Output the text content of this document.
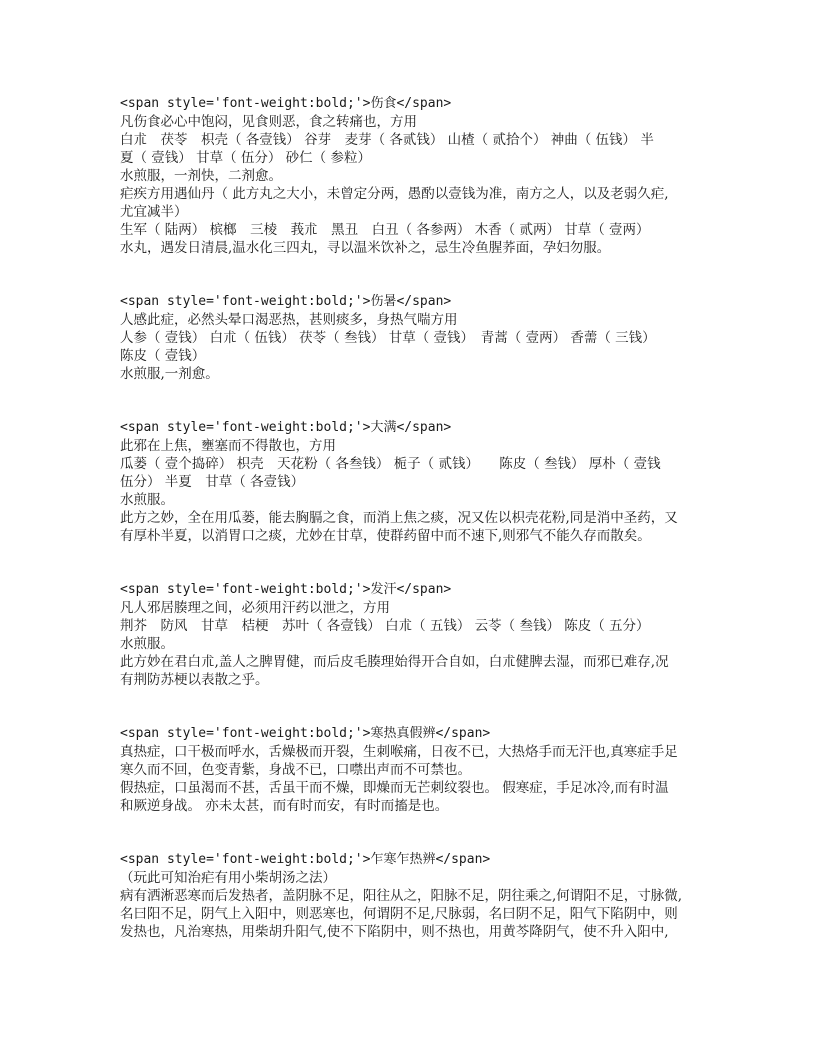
<span style='font-weight:bold;'>伤食</span>
凡伤食必心中饱闷，见食则恶，食之转痛也，方用
白朮　茯苓　枳壳（ 各壹钱） 谷芽　麦芽（ 各贰钱） 山楂（ 贰拾个） 神曲（ 伍钱） 半
夏（ 壹钱） 甘草（ 伍分） 砂仁（ 参粒）
水煎服，一剂快，二剂愈。
疟疾方用遇仙丹（ 此方丸之大小，未曾定分两，愚酌以壹钱为准，南方之人，以及老弱久疟,
尤宜减半）
生军（ 陆两） 槟榔　三棱　莪朮　黑丑　白丑（ 各参两） 木香（ 贰两） 甘草（ 壹两）
水丸，遇发日清晨,温水化三四丸，寻以温米饮补之，忌生冷鱼腥荞面，孕妇勿服。
<span style='font-weight:bold;'>伤暑</span>
人感此症，必然头晕口渴恶热，甚则痰多，身热气喘方用
人参（ 壹钱） 白朮（ 伍钱） 茯苓（ 叁钱） 甘草（ 壹钱）　青蒿（ 壹两） 香薷（ 三钱）
陈皮（ 壹钱）
水煎服,一剂愈。
<span style='font-weight:bold;'>大满</span>
此邪在上焦，壅塞而不得散也，方用
瓜蒌（ 壹个捣碎） 枳壳　天花粉（ 各叁钱） 栀子（ 贰钱）　　陈皮（ 叁钱） 厚朴（ 壹钱
伍分） 半夏　甘草（ 各壹钱）
水煎服。
此方之妙，全在用瓜蒌，能去胸膈之食，而消上焦之痰，况又佐以枳壳花粉,同是消中圣药，又
有厚朴半夏，以消胃口之痰，尤妙在甘草，使群药留中而不速下,则邪气不能久存而散矣。
<span style='font-weight:bold;'>发汗</span>
凡人邪居腠理之间，必须用汗药以泄之，方用
荆芥　防风　甘草　桔梗　苏叶（ 各壹钱） 白朮（ 五钱） 云苓（ 叁钱） 陈皮（ 五分）
水煎服。
此方妙在君白朮,盖人之脾胃健，而后皮毛腠理始得开合自如，白朮健脾去湿，而邪已难存,况
有荆防苏梗以表散之乎。
<span style='font-weight:bold;'>寒热真假辨</span>
真热症，口干极而呼水，舌燥极而开裂，生刺喉痛，日夜不已，大热烙手而无汗也,真寒症手足
寒久而不回，色变青紫，身战不已，口噤出声而不可禁也。
假热症，口虽渴而不甚，舌虽干而不燥，即燥而无芒刺纹裂也。 假寒症，手足冰冷,而有时温
和厥逆身战。 亦未太甚，而有时而安，有时而搐是也。
<span style='font-weight:bold;'>乍寒乍热辨</span>
（玩此可知治疟有用小柴胡汤之法）
病有洒淅恶寒而后发热者，盖阴脉不足，阳往从之，阳脉不足，阴往乘之,何谓阳不足，寸脉微,
名曰阳不足，阴气上入阳中，则恶寒也，何谓阴不足,尺脉弱，名曰阴不足，阳气下陷阴中，则
发热也，凡治寒热，用柴胡升阳气,使不下陷阴中，则不热也，用黄芩降阴气，使不升入阳中,
